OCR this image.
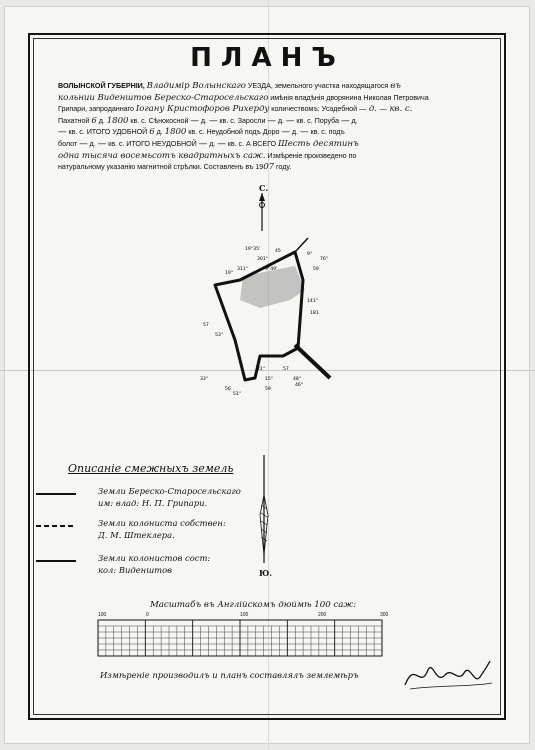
ПЛАНЪ
ВОЛЫНСКОЙ ГУБЕРНІИ, Владимір Волынскаго УЕЗДА, земельного участка находящагося въ
кольнии Виденштов Береско-Старосельскаго имѣнія владѣнія дворянина Николая Петровича
Грипари, запроданнаго Іогану Кристофоров Рихерду количествомъ: Усадебной — д. — кв. с.
Пахатной 6 д. 1800 кв. с. Сѣнокосной — д. — кв. с. Заросли — д. — кв. с. Поруба — д.
— кв. с. ИТОГО УДОБНОЙ 6 д. 1800 кв. с. Неудобной подъ Доро — д. — кв. с. подъ
болот — д. — кв. с. ИТОГО НЕУДОБНОЙ — д. — кв. с. А ВСЕГО Шесть десятинъ
одна тысяча восемьсотъ квадратныхъ саж. Измѣреніе произведено по
натуральному указанію магнитной стрѣлки. Составленъ въ 1907 году.
С.
19°35'
301°
45
19°
311°	9°49'
9°
76°
59
141°
181
57
53°
21°
15°
57
48°
46°
59
33°
56
51°
Описаніе смежныхъ земель
Земли Береско-Старосельскаго
им: влад: Н. П. Грипари.
Земли колониста собствен:
Д. М. Штеклера.
Земли колонистов сост:
кол: Виденштов	Ю.
Масштабъ въ Англійскомъ дюймѣ 100 саж:
100	0	100	200	300
Измѣреніе производилъ и планъ составлялъ землемѣръ
